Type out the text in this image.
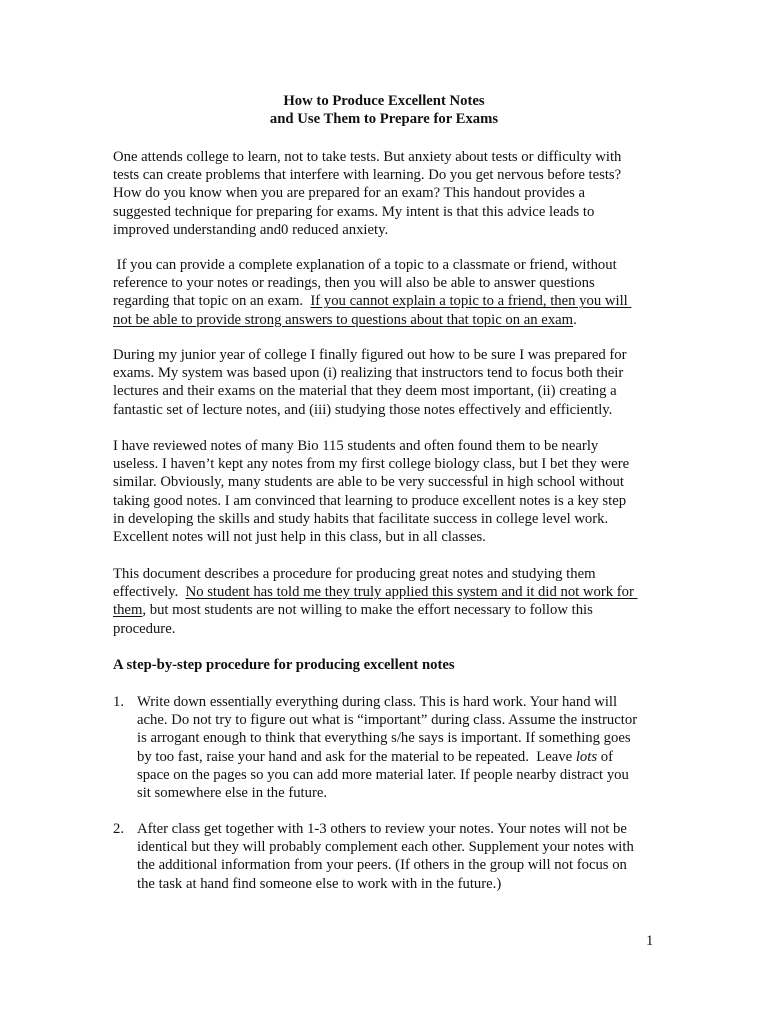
How to Produce Excellent Notes
and Use Them to Prepare for Exams
One attends college to learn, not to take tests. But anxiety about tests or difficulty with
tests can create problems that interfere with learning. Do you get nervous before tests?
How do you know when you are prepared for an exam? This handout provides a
suggested technique for preparing for exams. My intent is that this advice leads to
improved understanding and0 reduced anxiety.
If you can provide a complete explanation of a topic to a classmate or friend, without
reference to your notes or readings, then you will also be able to answer questions
regarding that topic on an exam.  If you cannot explain a topic to a friend, then you will
not be able to provide strong answers to questions about that topic on an exam.
During my junior year of college I finally figured out how to be sure I was prepared for
exams. My system was based upon (i) realizing that instructors tend to focus both their
lectures and their exams on the material that they deem most important, (ii) creating a
fantastic set of lecture notes, and (iii) studying those notes effectively and efficiently.
I have reviewed notes of many Bio 115 students and often found them to be nearly
useless. I haven’t kept any notes from my first college biology class, but I bet they were
similar. Obviously, many students are able to be very successful in high school without
taking good notes. I am convinced that learning to produce excellent notes is a key step
in developing the skills and study habits that facilitate success in college level work.
Excellent notes will not just help in this class, but in all classes.
This document describes a procedure for producing great notes and studying them
effectively.  No student has told me they truly applied this system and it did not work for
them, but most students are not willing to make the effort necessary to follow this
procedure.
A step-by-step procedure for producing excellent notes
1. Write down essentially everything during class. This is hard work. Your hand will
ache. Do not try to figure out what is “important” during class. Assume the instructor
is arrogant enough to think that everything s/he says is important. If something goes
by too fast, raise your hand and ask for the material to be repeated.  Leave lots of
space on the pages so you can add more material later. If people nearby distract you
sit somewhere else in the future.
2. After class get together with 1-3 others to review your notes. Your notes will not be
identical but they will probably complement each other. Supplement your notes with
the additional information from your peers. (If others in the group will not focus on
the task at hand find someone else to work with in the future.)
1
